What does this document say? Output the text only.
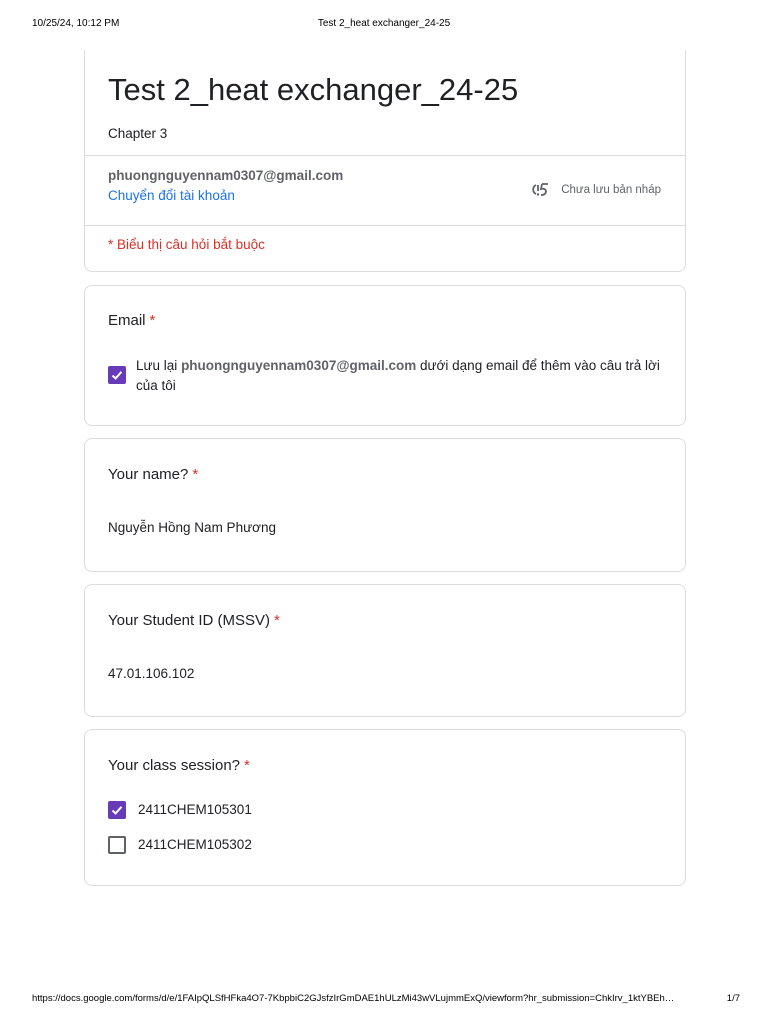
10/25/24, 10:12 PM	Test 2_heat exchanger_24-25
Test 2_heat exchanger_24-25
Chapter 3
phuongnguyennam0307@gmail.com
Chuyển đổi tài khoản	Chưa lưu bản nháp
* Biểu thị câu hỏi bắt buộc
Email *
Lưu lại phuongnguyennam0307@gmail.com dưới dạng email để thêm vào câu trả lời của tôi
Your name? *
Nguyễn Hồng Nam Phương
Your Student ID (MSSV) *
47.01.106.102
Your class session? *
2411CHEM105301
2411CHEM105302
https://docs.google.com/forms/d/e/1FAIpQLSfHFka4O7-7KbpbiC2GJsfzIrGmDAE1hULzMi43wVLujmmExQ/viewform?hr_submission=ChkIrv_1ktYBEh…	1/7
